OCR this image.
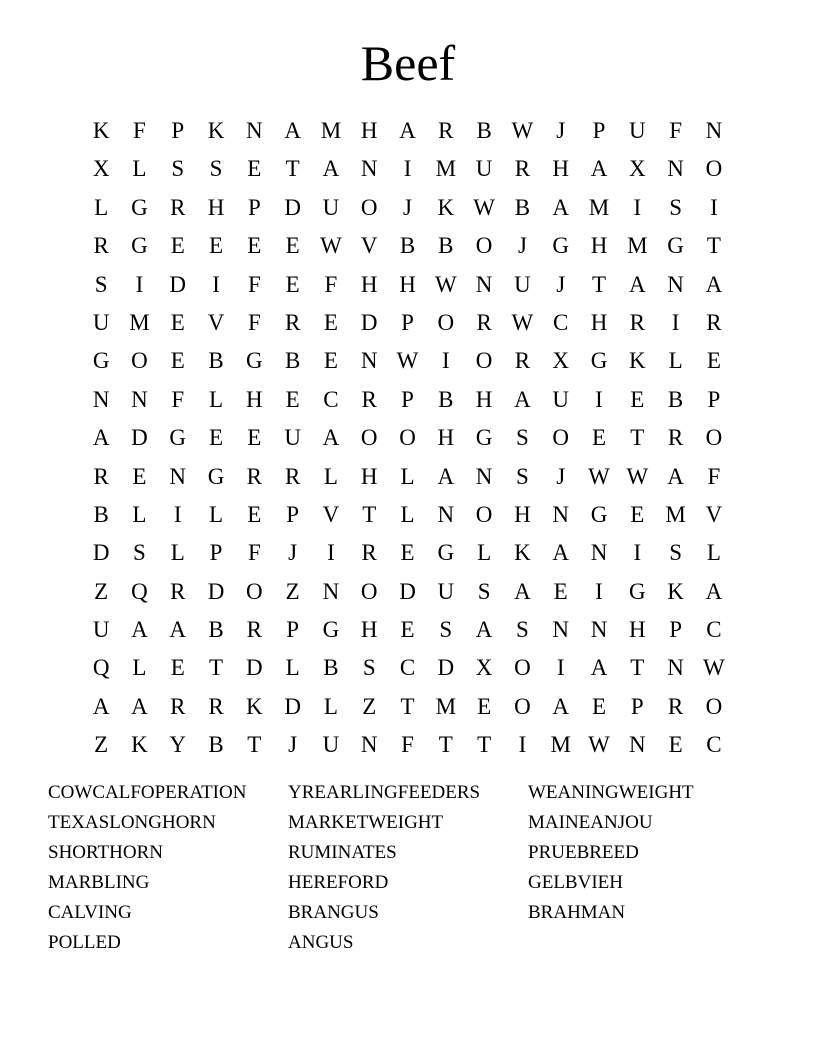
Beef
K	F	P	K N A M H A R B W J	P	U	F	N
X L	S	S	E	T A N	I	M U R H A X N O
L G R H	P	D U O	J	K W B A M	I	S	I
R G E	E	E	E W V B B O	J	G H M G T
S	I	D	I	F	E	F	H H W N U	J	T A N A
U M E V	F	R	E D	P	O R W C H R	I	R
G O E	B G B	E N W	I	O R X G K L	E
N N	F	L H E	C R	P	B H A U	I	E	B	P
A D G E	E U A O O H G	S	O E	T	R O
R	E N G R R	L H L A N	S	J W W A	F
B	L	I	L	E	P	V T	L N O H N G E M V
D	S	L	P	F	J	I	R	E G L K A N	I	S	L
Z Q R D O Z N O D U	S	A E	I	G K A
U A A B R	P	G H E	S	A	S	N N H	P	C
Q L	E	T D L	B	S	C D X O	I	A T N W
A A R R K D L	Z	T M E O A E	P	R O
Z K Y B	T	J	U N	F	T	T	I	M W N E	C
COWCALFOPERATION	YREARLINGFEEDERS	WEANINGWEIGHT
TEXASLONGHORN	MARKETWEIGHT	MAINEANJOU
SHORTHORN	RUMINATES	PRUEBREED
MARBLING	HEREFORD	GELBVIEH
CALVING	BRANGUS	BRAHMAN
POLLED	ANGUS
